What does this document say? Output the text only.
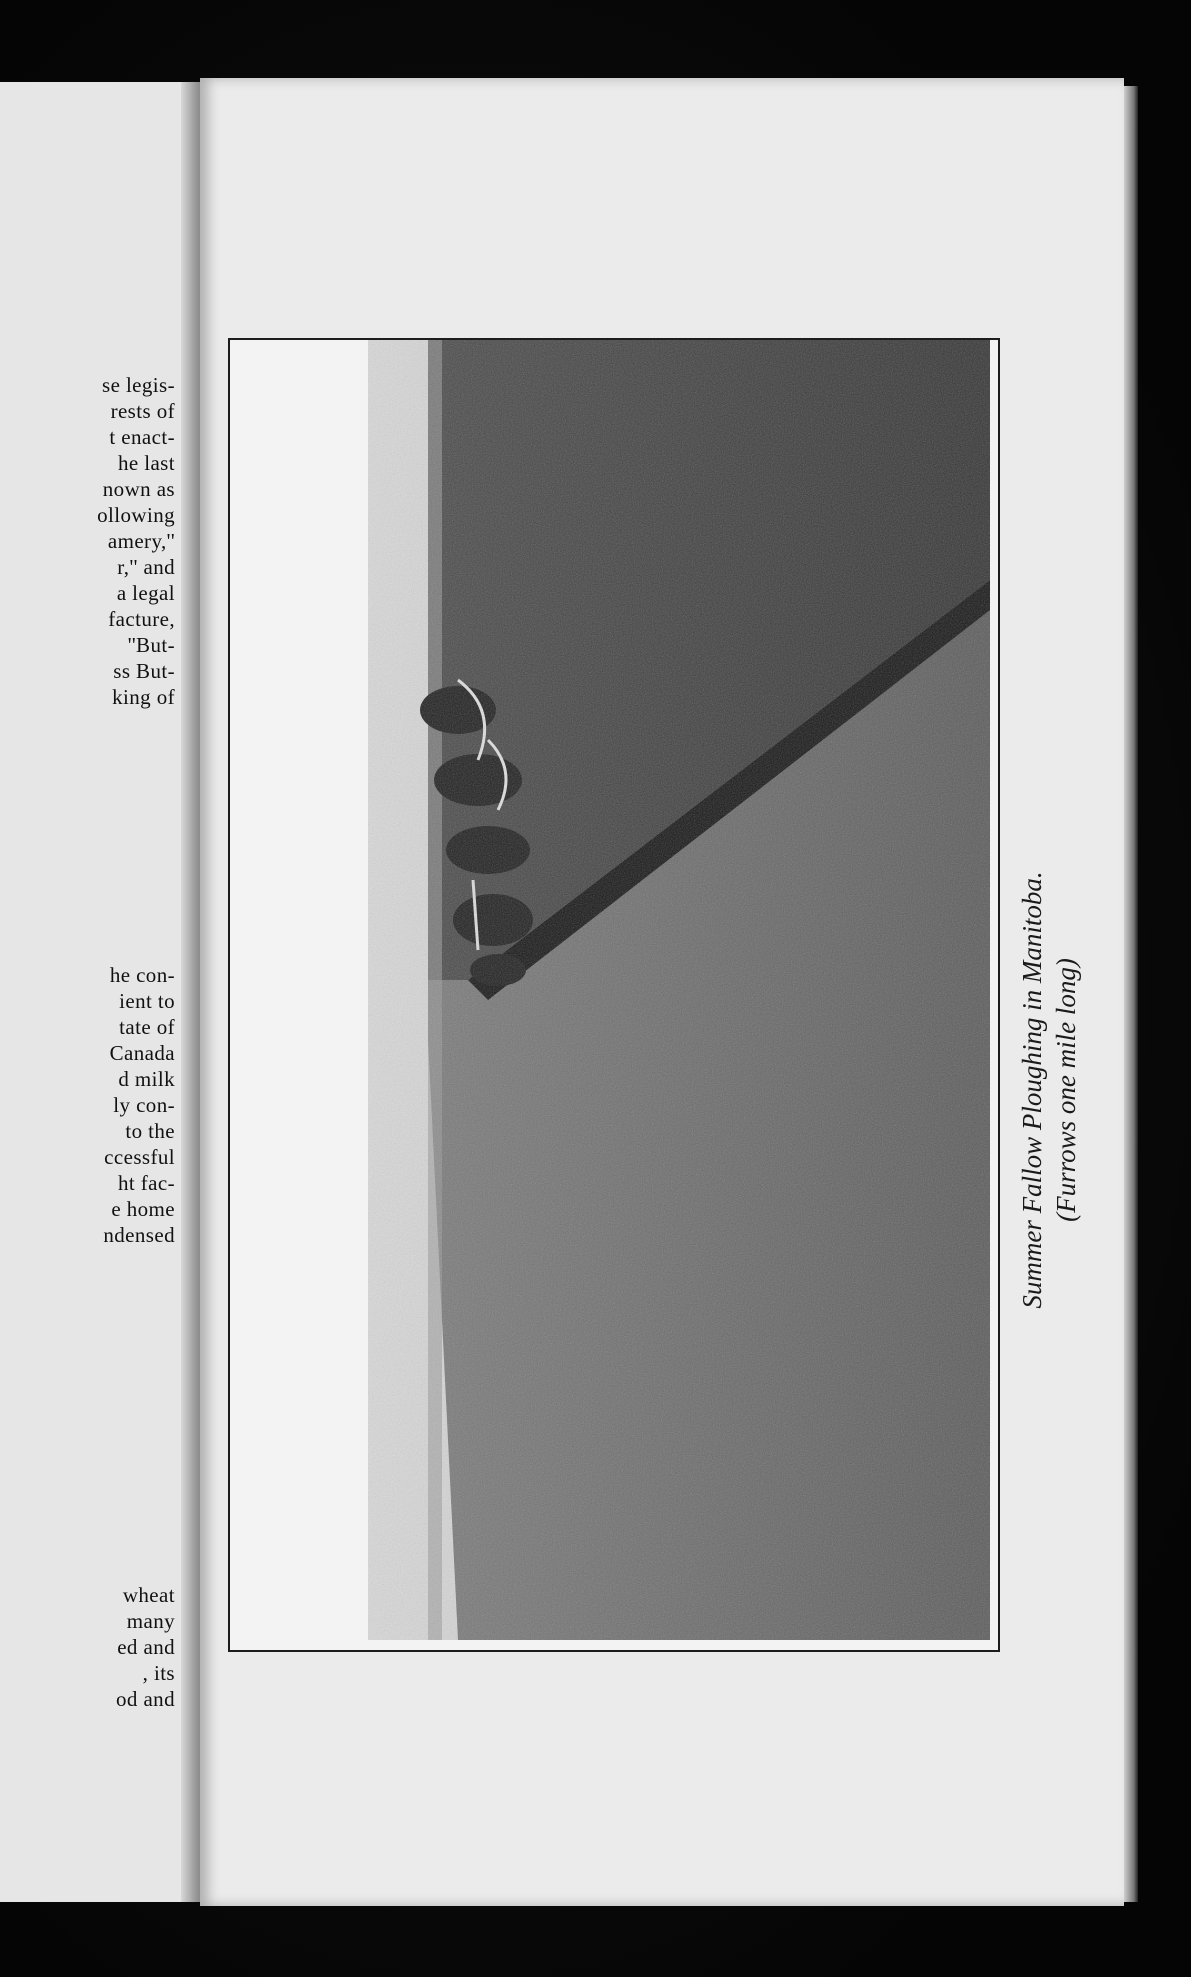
se legis-
rests of
t enact-
he last
nown as
ollowing
amery,''
r,'' and
a legal
facture,
''But-
ss But-
king of
he con-
ient to
tate of
Canada
d milk
ly con-
to the
ccessful
ht fac-
e home
ndensed
wheat
many
ed and
, its
od and
Summer Fallow Ploughing in Manitoba. (Furrows one mile long)
